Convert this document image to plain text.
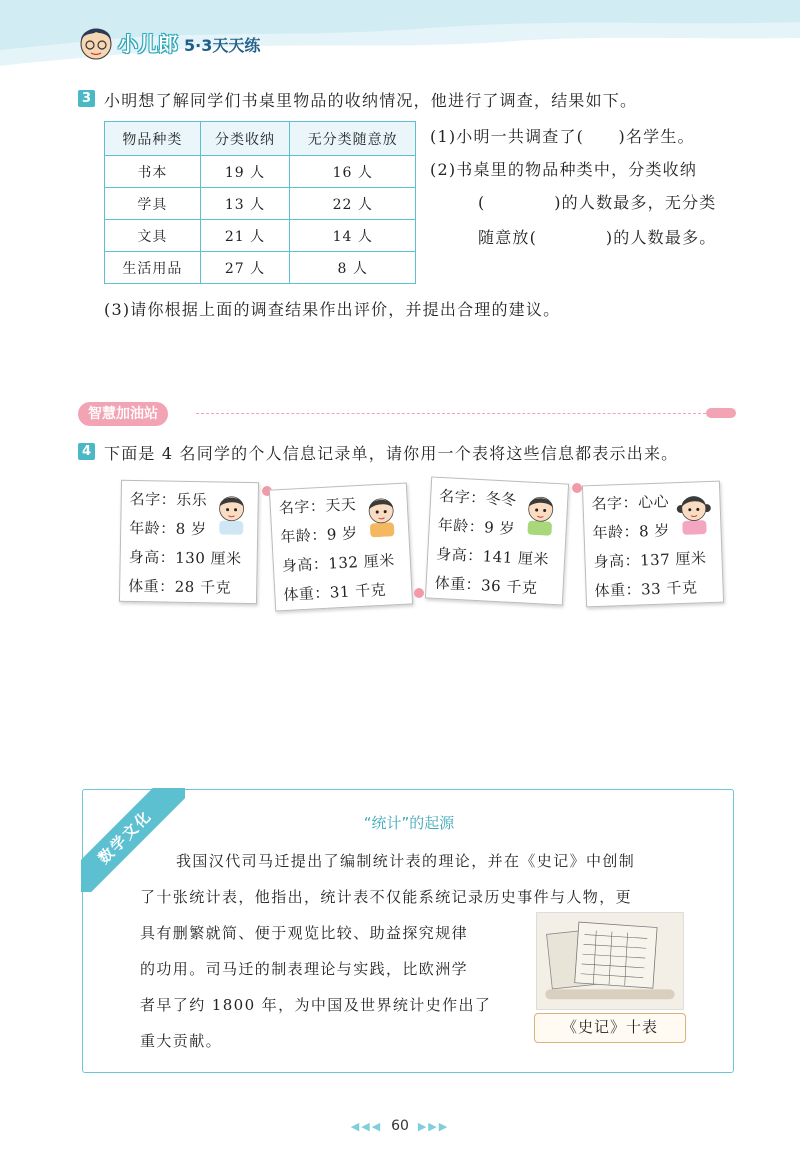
小儿郎 5·3天天练
3 小明想了解同学们书桌里物品的收纳情况，他进行了调查，结果如下。
物品种类	分类收纳	无分类随意放
书本	19 人	16 人
学具	13 人	22 人
文具	21 人	14 人
生活用品	27 人	8 人
(1)小明一共调查了(　　)名学生。
(2)书桌里的物品种类中，分类收纳
(　　　　)的人数最多，无分类
随意放(　　　　)的人数最多。
(3)请你根据上面的调查结果作出评价，并提出合理的建议。
智慧加油站
4 下面是 4 名同学的个人信息记录单，请你用一个表将这些信息都表示出来。
名字：乐乐
年龄：8 岁
身高：130 厘米
体重：28 千克
名字：天天
年龄：9 岁
身高：132 厘米
体重：31 千克
名字：冬冬
年龄：9 岁
身高：141 厘米
体重：36 千克
名字：心心
年龄：8 岁
身高：137 厘米
体重：33 千克
数学文化	“统计”的起源
我国汉代司马迁提出了编制统计表的理论，并在《史记》中创制
了十张统计表，他指出，统计表不仅能系统记录历史事件与人物，更
具有删繁就简、便于观览比较、助益探究规律
的功用。司马迁的制表理论与实践，比欧洲学
者早了约 1800 年，为中国及世界统计史作出了
重大贡献。
《史记》十表
◀◀◀ 60 ▶▶▶
